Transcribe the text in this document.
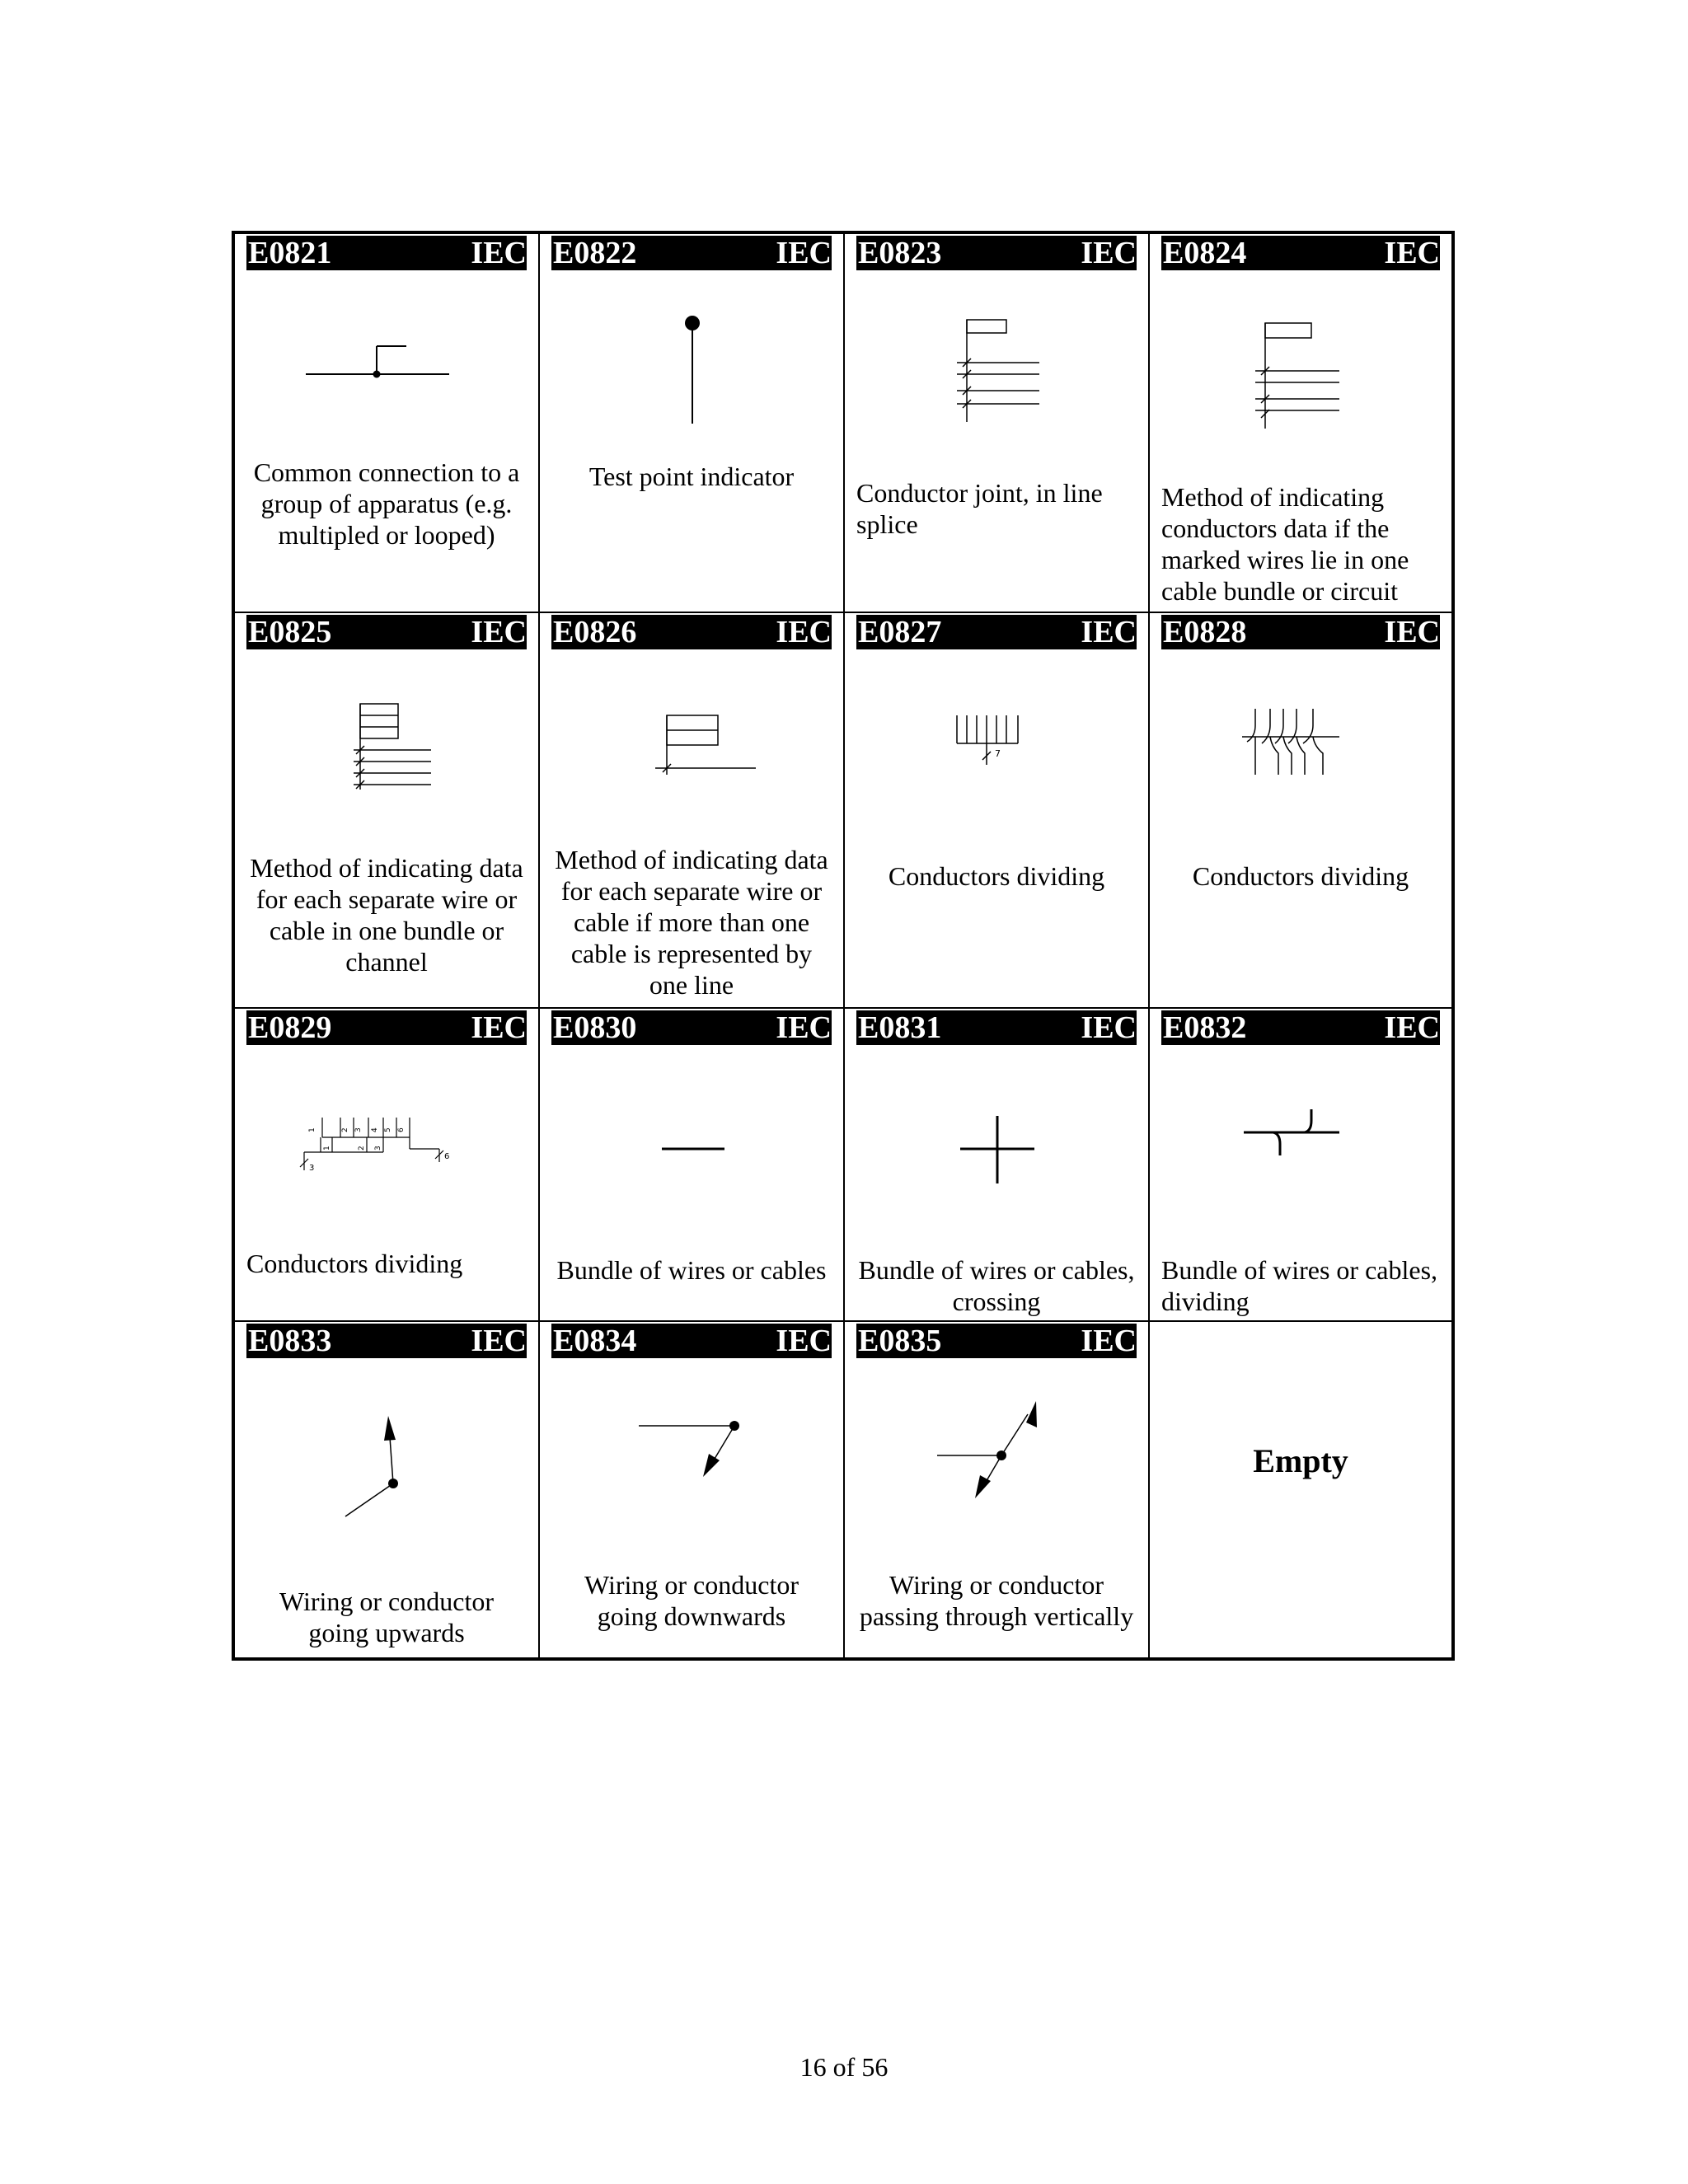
E0821	IEC
Common connection to a group of apparatus (e.g. multipled or looped)
E0822	IEC
Test point indicator
E0823	IEC
Conductor joint, in line splice
E0824	IEC
Method of indicating conductors data if the marked wires lie in one cable bundle or circuit
E0825	IEC
Method of indicating data for each separate wire or cable in one bundle or channel
E0826	IEC
Method of indicating data for each separate wire or cable if more than one cable is represented by one line
E0827	IEC
7
Conductors dividing
E0828	IEC
Conductors dividing
E0829	IEC
1	2 3 4 5 6
1	2 3
3
6
Conductors dividing
E0830	IEC
Bundle of wires or cables
E0831	IEC
Bundle of wires or cables, crossing
E0832	IEC
Bundle of wires or cables, dividing
E0833	IEC
Wiring or conductor going upwards
E0834	IEC
Wiring or conductor going downwards
E0835	IEC
Wiring or conductor passing through vertically
Empty
16 of 56
